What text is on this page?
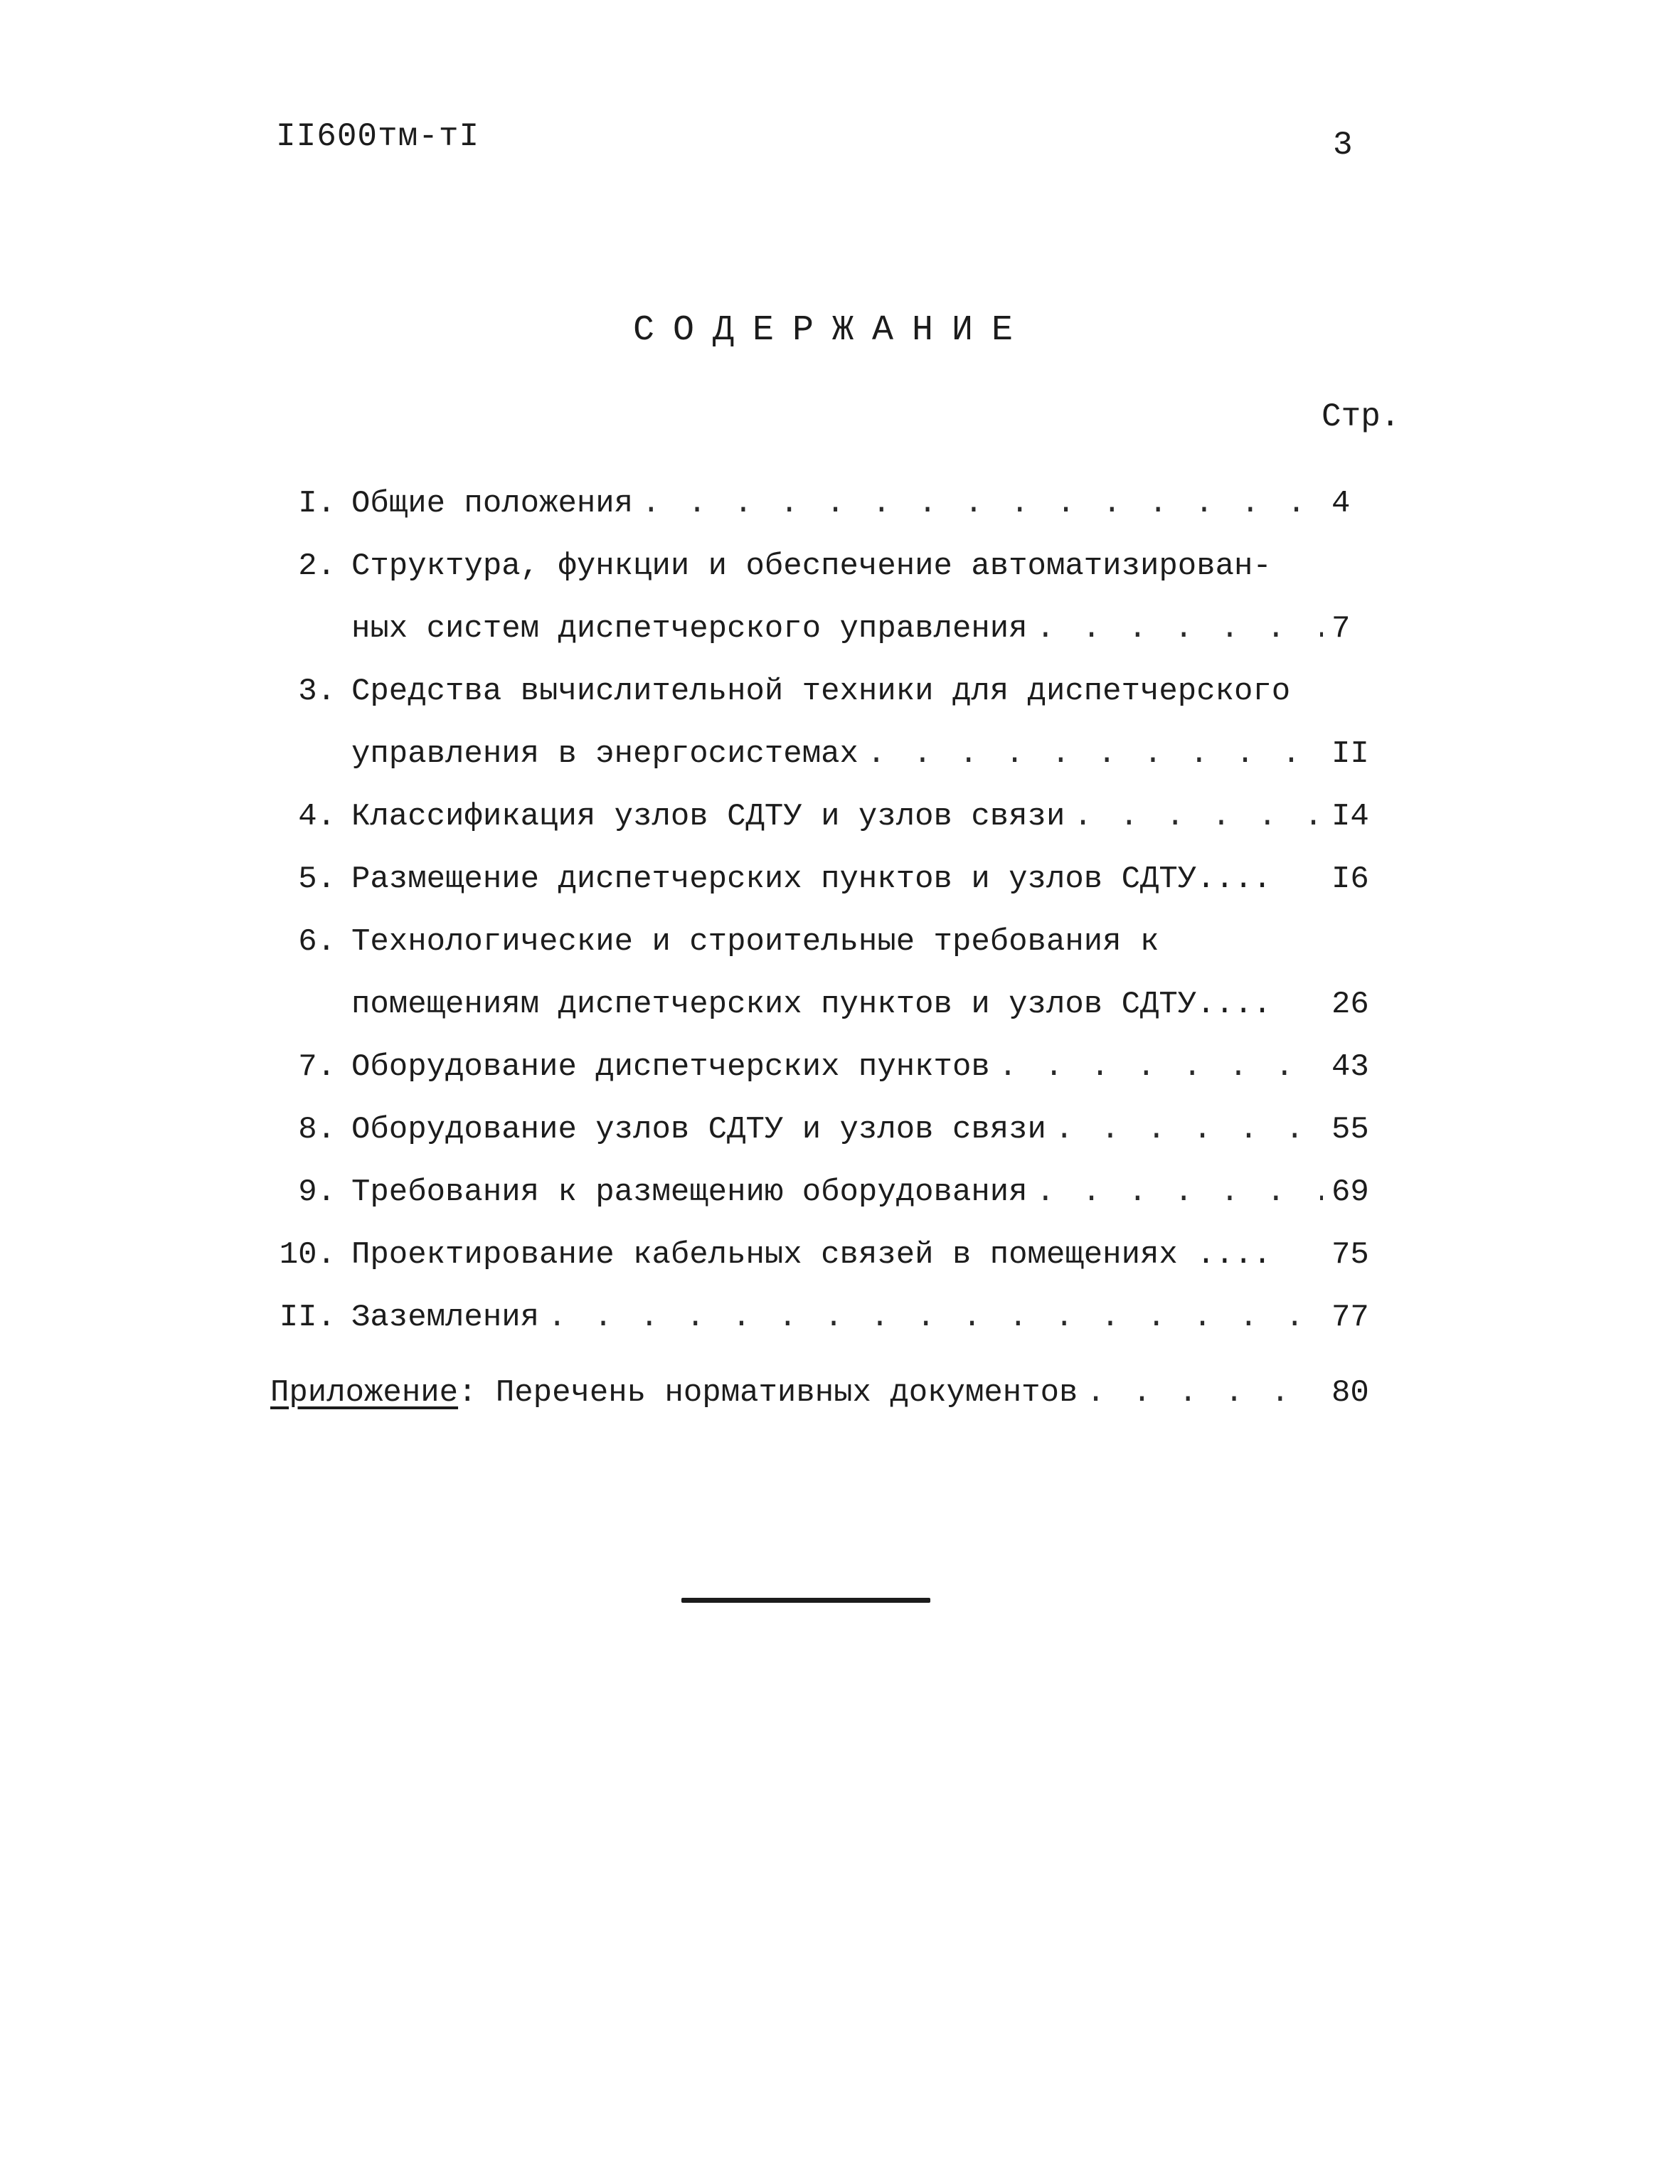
II600тм-тI	3
СОДЕРЖАНИЕ
Стр.
I. Общие положения . . .	4
2. Структура, функции и обеспечение автоматизирован-
ных систем диспетчерского управления . . .	7
3. Средства вычислительной техники для диспетчерского
управления в энергосистемах . . .	II
4. Классификация узлов СДТУ и узлов связи . . .	I4
5. Размещение диспетчерских пунктов и узлов СДТУ.... I6
6. Технологические и строительные требования к
помещениям диспетчерских пунктов и узлов СДТУ.... 26
7. Оборудование диспетчерских пунктов . . .	43
8. Оборудование узлов СДТУ и узлов связи . . .	55
9. Требования к размещению оборудования . . .	69
10. Проектирование кабельных связей в помещениях .... 75
II. Заземления . . .	77
Приложение : Перечень нормативных документов . . .	80
